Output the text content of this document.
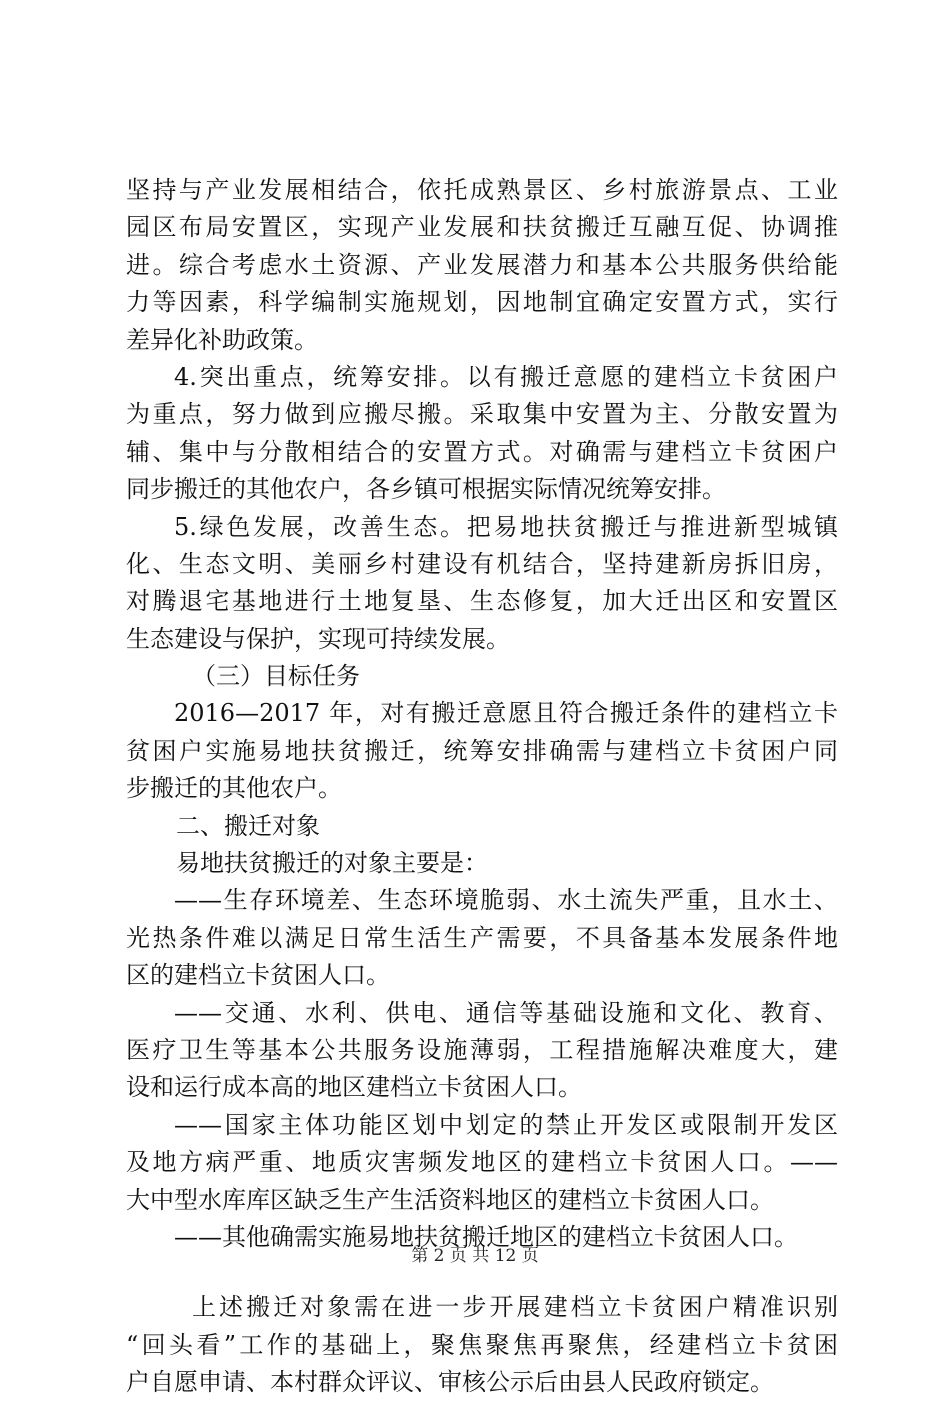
坚持与产业发展相结合，依托成熟景区、乡村旅游景点、工业
园区布局安置区，实现产业发展和扶贫搬迁互融互促、协调推
进。综合考虑水土资源、产业发展潜力和基本公共服务供给能
力等因素，科学编制实施规划，因地制宜确定安置方式，实行
差异化补助政策。
4.突出重点，统筹安排。以有搬迁意愿的建档立卡贫困户
为重点，努力做到应搬尽搬。采取集中安置为主、分散安置为
辅、集中与分散相结合的安置方式。对确需与建档立卡贫困户
同步搬迁的其他农户，各乡镇可根据实际情况统筹安排。
5.绿色发展，改善生态。把易地扶贫搬迁与推进新型城镇
化、生态文明、美丽乡村建设有机结合，坚持建新房拆旧房，
对腾退宅基地进行土地复垦、生态修复，加大迁出区和安置区
生态建设与保护，实现可持续发展。
（三）目标任务
2016—2017 年，对有搬迁意愿且符合搬迁条件的建档立卡
贫困户实施易地扶贫搬迁，统筹安排确需与建档立卡贫困户同
步搬迁的其他农户。
二、搬迁对象
易地扶贫搬迁的对象主要是：
——生存环境差、生态环境脆弱、水土流失严重，且水土、
光热条件难以满足日常生活生产需要，不具备基本发展条件地
区的建档立卡贫困人口。
——交通、水利、供电、通信等基础设施和文化、教育、
医疗卫生等基本公共服务设施薄弱，工程措施解决难度大，建
设和运行成本高的地区建档立卡贫困人口。
——国家主体功能区划中划定的禁止开发区或限制开发区
及地方病严重、地质灾害频发地区的建档立卡贫困人口。——
大中型水库库区缺乏生产生活资料地区的建档立卡贫困人口。
——其他确需实施易地扶贫搬迁地区的建档立卡贫困人口。
上述搬迁对象需在进一步开展建档立卡贫困户精准识别
“回头看”工作的基础上，聚焦聚焦再聚焦，经建档立卡贫困
户自愿申请、本村群众评议、审核公示后由县人民政府锁定。
第 2 页 共 12 页
